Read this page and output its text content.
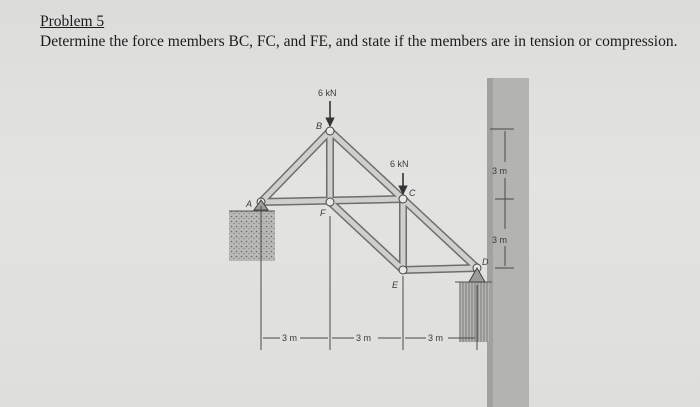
Problem 5

Determine the force members BC, FC, and FE, and state if the members are in tension or compression.

6 kN
6 kN
A
B
C
D
E
F
3 m
3 m
3 m	3 m	3 m
